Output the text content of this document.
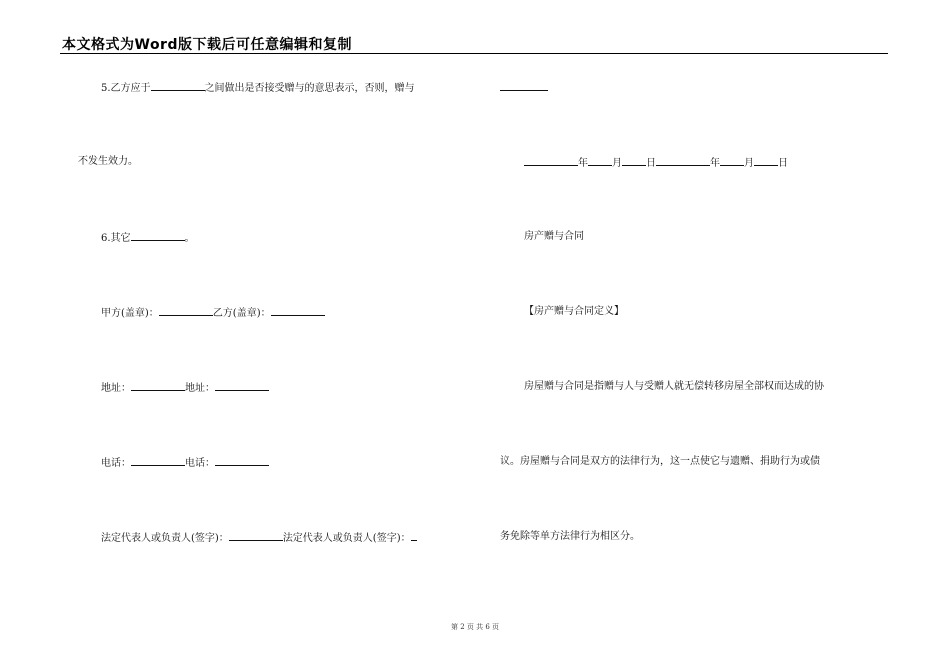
本文格式为Word版下载后可任意编辑和复制
5.乙方应于	之间做出是否接受赠与的意思表示，否则，赠与
不发生效力。
6.其它	。
甲方(盖章)：	乙方(盖章)：
地址：	地址：
电话：	电话：
法定代表人或负责人(签字)：	法定代表人或负责人(签字)：
年 月 日	年 月 日
房产赠与合同
【房产赠与合同定义】
房屋赠与合同是指赠与人与受赠人就无偿转移房屋全部权而达成的协
议。房屋赠与合同是双方的法律行为，这一点使它与遗赠、捐助行为或债
务免除等单方法律行为相区分。
第 2 页 共 6 页
